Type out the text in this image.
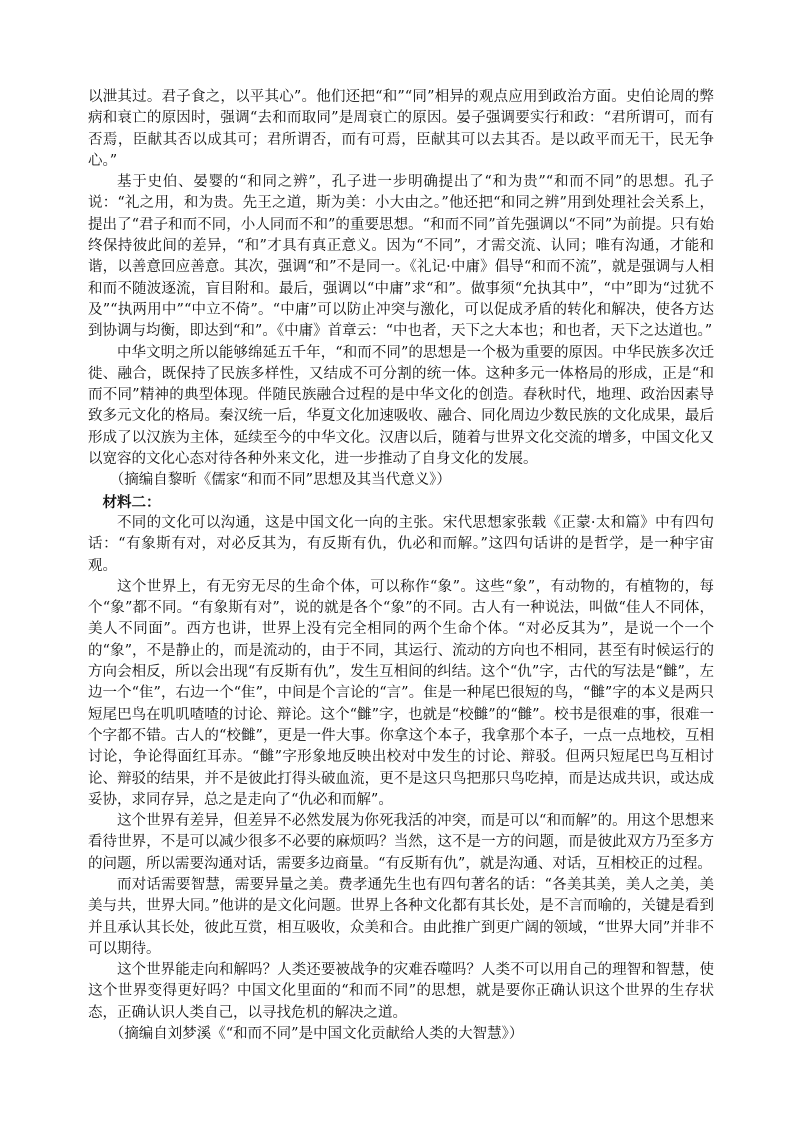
以泄其过。君子食之，以平其心”。他们还把“和”“同”相异的观点应用到政治方面。史伯论周的弊病和衰亡的原因时，强调“去和而取同”是周衰亡的原因。晏子强调要实行和政：“君所谓可，而有否焉，臣献其否以成其可；君所谓否，而有可焉，臣献其可以去其否。是以政平而无干，民无争心。”

基于史伯、晏婴的“和同之辨”，孔子进一步明确提出了“和为贵”“和而不同”的思想。孔子说：“礼之用，和为贵。先王之道，斯为美：小大由之。”他还把“和同之辨”用到处理社会关系上，提出了“君子和而不同，小人同而不和”的重要思想。“和而不同”首先强调以“不同”为前提。只有始终保持彼此间的差异，“和”才具有真正意义。因为“不同”，才需交流、认同；唯有沟通，才能和谐，以善意回应善意。其次，强调“和”不是同一。《礼记·中庸》倡导“和而不流”，就是强调与人相和而不随波逐流，盲目附和。最后，强调以“中庸”求“和”。做事须“允执其中”，“中”即为“过犹不及”“执两用中”“中立不倚”。“中庸”可以防止冲突与激化，可以促成矛盾的转化和解决，使各方达到协调与均衡，即达到“和”。《中庸》首章云：“中也者，天下之大本也；和也者，天下之达道也。”

中华文明之所以能够绵延五千年，“和而不同”的思想是一个极为重要的原因。中华民族多次迁徙、融合，既保持了民族多样性，又结成不可分割的统一体。这种多元一体格局的形成，正是“和而不同”精神的典型体现。伴随民族融合过程的是中华文化的创造。春秋时代，地理、政治因素导致多元文化的格局。秦汉统一后，华夏文化加速吸收、融合、同化周边少数民族的文化成果，最后形成了以汉族为主体，延续至今的中华文化。汉唐以后，随着与世界文化交流的增多，中国文化又以宽容的文化心态对待各种外来文化，进一步推动了自身文化的发展。

（摘编自黎昕《儒家“和而不同”思想及其当代意义》）

材料二：

不同的文化可以沟通，这是中国文化一向的主张。宋代思想家张载《正蒙·太和篇》中有四句话：“有象斯有对，对必反其为，有反斯有仇，仇必和而解。”这四句话讲的是哲学，是一种宇宙观。

这个世界上，有无穷无尽的生命个体，可以称作“象”。这些“象”，有动物的，有植物的，每个“象”都不同。“有象斯有对”，说的就是各个“象”的不同。古人有一种说法，叫做“佳人不同体，美人不同面”。西方也讲，世界上没有完全相同的两个生命个体。“对必反其为”，是说一个一个的“象”，不是静止的，而是流动的，由于不同，其运行、流动的方向也不相同，甚至有时候运行的方向会相反，所以会出现“有反斯有仇”，发生互相间的纠结。这个“仇”字，古代的写法是“雠”，左边一个“隹”，右边一个“隹”，中间是个言论的“言”。隹是一种尾巴很短的鸟，“雠”字的本义是两只短尾巴鸟在叽叽喳喳的讨论、辩论。这个“雠”字，也就是“校雠”的“雠”。校书是很难的事，很难一个字都不错。古人的“校雠”，更是一件大事。你拿这个本子，我拿那个本子，一点一点地校，互相讨论，争论得面红耳赤。“雠”字形象地反映出校对中发生的讨论、辩驳。但两只短尾巴鸟互相讨论、辩驳的结果，并不是彼此打得头破血流，更不是这只鸟把那只鸟吃掉，而是达成共识，或达成妥协，求同存异，总之是走向了“仇必和而解”。

这个世界有差异，但差异不必然发展为你死我活的冲突，而是可以“和而解”的。用这个思想来看待世界，不是可以减少很多不必要的麻烦吗？当然，这不是一方的问题，而是彼此双方乃至多方的问题，所以需要沟通对话，需要多边商量。“有反斯有仇”，就是沟通、对话，互相校正的过程。

而对话需要智慧，需要异量之美。费孝通先生也有四句著名的话：“各美其美，美人之美，美美与共，世界大同。”他讲的是文化问题。世界上各种文化都有其长处，是不言而喻的，关键是看到并且承认其长处，彼此互赏，相互吸收，众美和合。由此推广到更广阔的领域，“世界大同”并非不可以期待。

这个世界能走向和解吗？人类还要被战争的灾难吞噬吗？人类不可以用自己的理智和智慧，使这个世界变得更好吗？中国文化里面的“和而不同”的思想，就是要你正确认识这个世界的生存状态，正确认识人类自己，以寻找危机的解决之道。

（摘编自刘梦溪《“和而不同”是中国文化贡献给人类的大智慧》）
